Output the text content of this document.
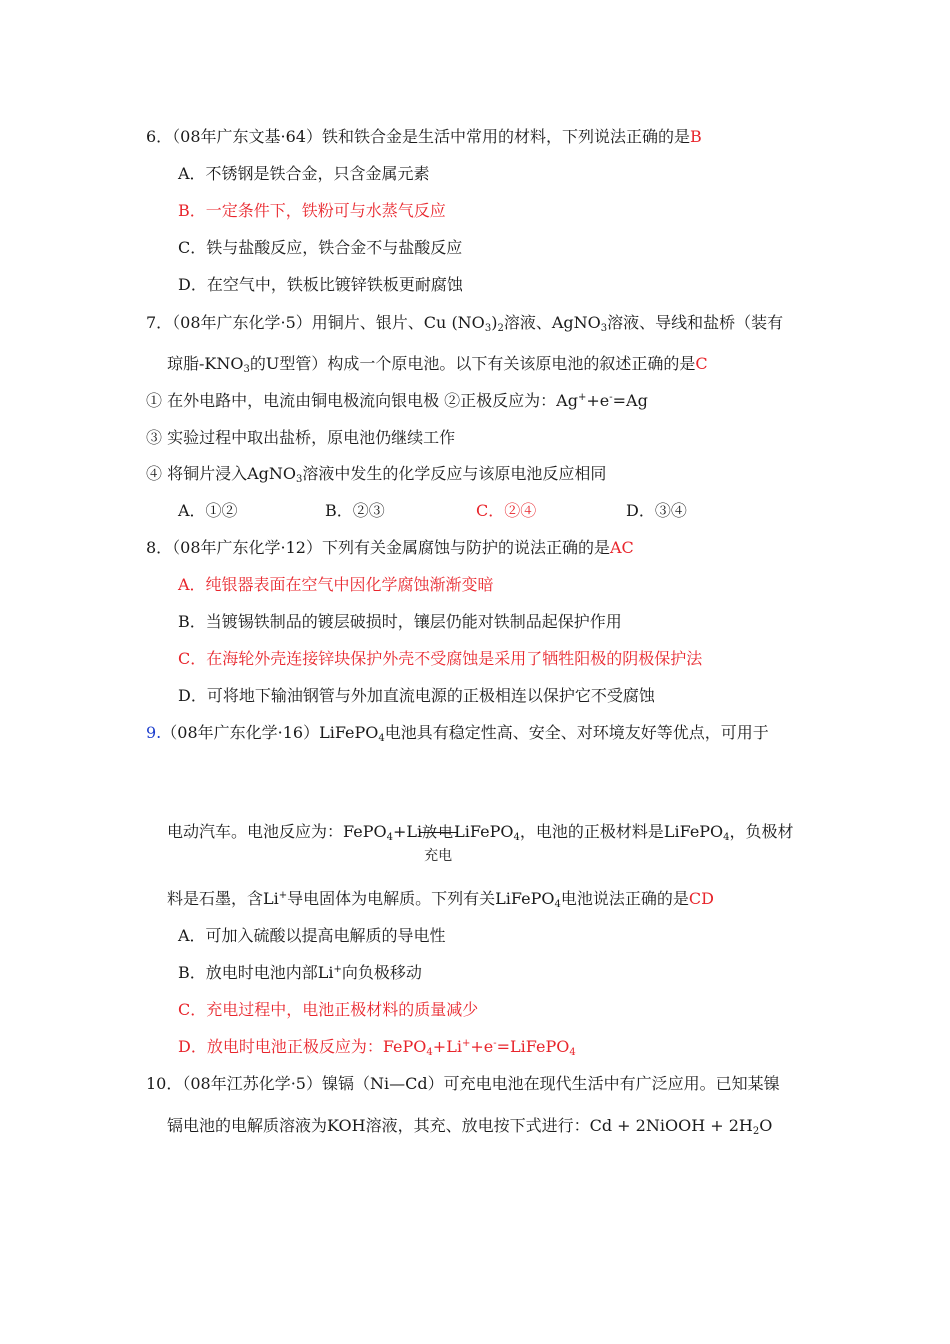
6．（08年广东文基·64）铁和铁合金是生活中常用的材料，下列说法正确的是B
A．不锈钢是铁合金，只含金属元素
B．一定条件下，铁粉可与水蒸气反应
C．铁与盐酸反应，铁合金不与盐酸反应
D．在空气中，铁板比镀锌铁板更耐腐蚀
7．（08年广东化学·5）用铜片、银片、Cu $(NO_3)_2$溶液、AgNO$_3$溶液、导线和盐桥（装有
琼脂$-KNO_3$的U型管）构成一个原电池。以下有关该原电池的叙述正确的是C
① 在外电路中，电流由铜电极流向银电极 ②正极反应为：Ag++e-=Ag
③ 实验过程中取出盐桥，原电池仍继续工作
④ 将铜片浸入AgNO$_3$溶液中发生的化学反应与该原电池反应相同
A．①②	B．②③	C．②④	D．③④
8．（08年广东化学·12）下列有关金属腐蚀与防护的说法正确的是AC
A．纯银器表面在空气中因化学腐蚀渐渐变暗
B．当镀锡铁制品的镀层破损时，镶层仍能对铁制品起保护作用
C．在海轮外壳连接锌块保护外壳不受腐蚀是采用了牺牲阳极的阴极保护法
D．可将地下输油钢管与外加直流电源的正极相连以保护它不受腐蚀
9.（08年广东化学·16）LiFePO$_4$电池具有稳定性高、安全、对环境友好等优点，可用于
电动汽车。电池反应为：FePO$_4$+Li放电
充电
LiFePO$_4$，电池的正极材料是LiFePO$_4$，负极材
料是石墨，含Li+导电固体为电解质。下列有关LiFePO$_4$电池说法正确的是CD
A．可加入硫酸以提高电解质的导电性
B．放电时电池内部Li+向负极移动
C．充电过程中，电池正极材料的质量减少
D．放电时电池正极反应为：FePO$_4$+Li++e-=LiFePO$_4$
10．（08年江苏化学·5）镍镉（Ni—Cd）可充电电池在现代生活中有广泛应用。已知某镍
镉电池的电解质溶液为KOH溶液，其充、放电按下式进行：Cd + 2NiOOH + $2H_2O$
